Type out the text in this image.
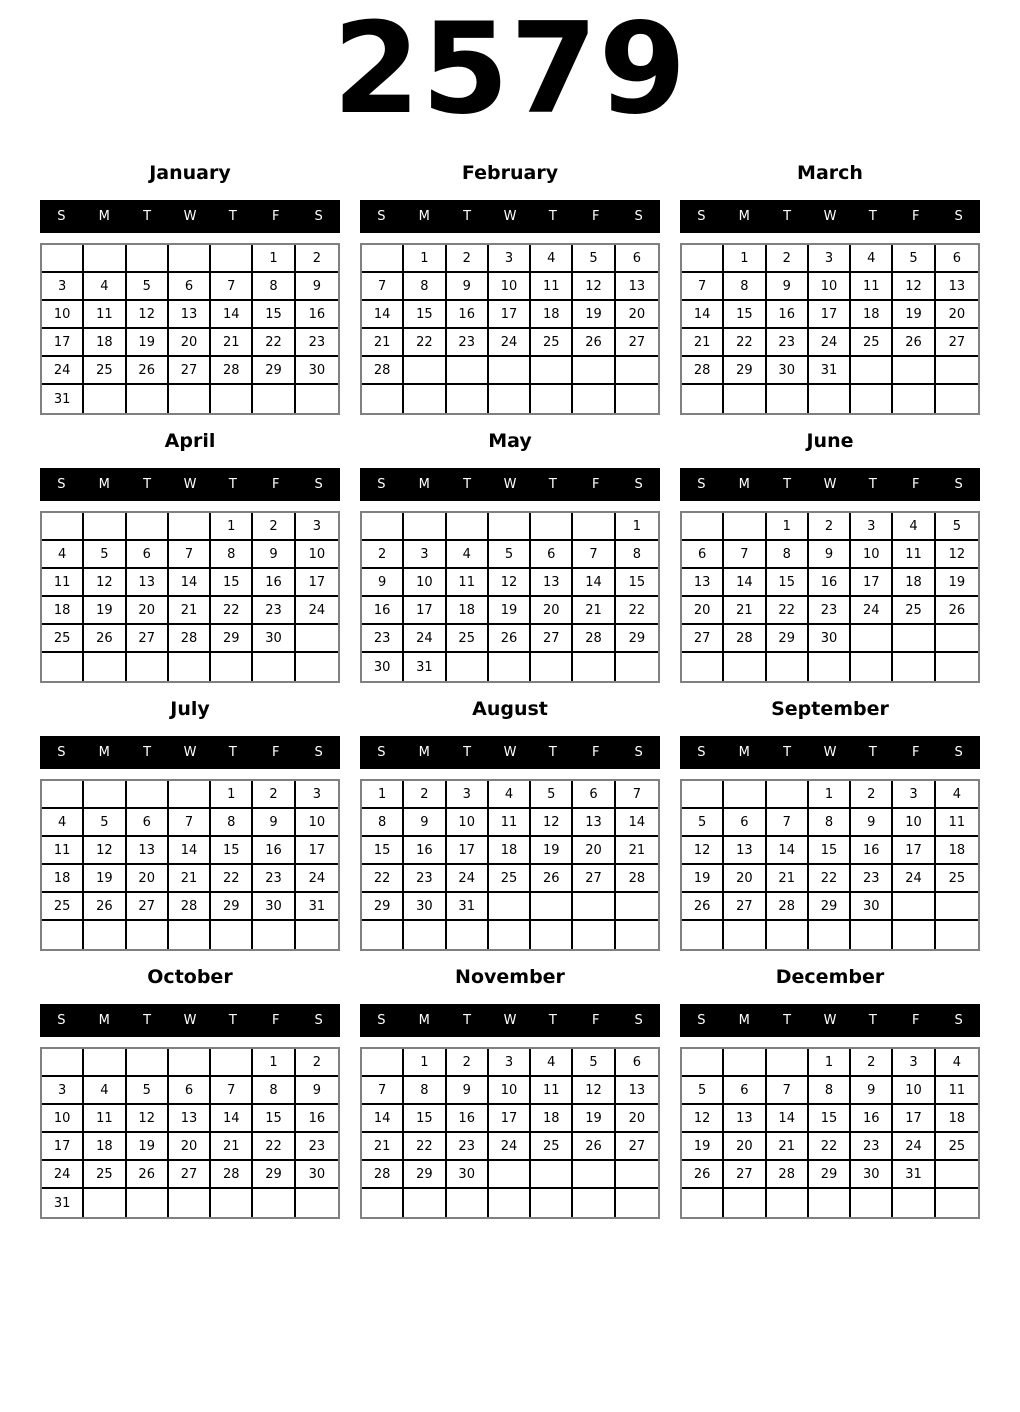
2579
January
S	M	T	W	T	F	S
					1	2
3	4	5	6	7	8	9
10	11	12	13	14	15	16
17	18	19	20	21	22	23
24	25	26	27	28	29	30
31						
February
S	M	T	W	T	F	S
	1	2	3	4	5	6
7	8	9	10	11	12	13
14	15	16	17	18	19	20
21	22	23	24	25	26	27
28						

March
S	M	T	W	T	F	S
	1	2	3	4	5	6
7	8	9	10	11	12	13
14	15	16	17	18	19	20
21	22	23	24	25	26	27
28	29	30	31			

April
S	M	T	W	T	F	S
				1	2	3
4	5	6	7	8	9	10
11	12	13	14	15	16	17
18	19	20	21	22	23	24
25	26	27	28	29	30	

May
S	M	T	W	T	F	S
						1
2	3	4	5	6	7	8
9	10	11	12	13	14	15
16	17	18	19	20	21	22
23	24	25	26	27	28	29
30	31					
June
S	M	T	W	T	F	S
		1	2	3	4	5
6	7	8	9	10	11	12
13	14	15	16	17	18	19
20	21	22	23	24	25	26
27	28	29	30			

July
S	M	T	W	T	F	S
				1	2	3
4	5	6	7	8	9	10
11	12	13	14	15	16	17
18	19	20	21	22	23	24
25	26	27	28	29	30	31

August
S	M	T	W	T	F	S
1	2	3	4	5	6	7
8	9	10	11	12	13	14
15	16	17	18	19	20	21
22	23	24	25	26	27	28
29	30	31				

September
S	M	T	W	T	F	S
			1	2	3	4
5	6	7	8	9	10	11
12	13	14	15	16	17	18
19	20	21	22	23	24	25
26	27	28	29	30		

October
S	M	T	W	T	F	S
					1	2
3	4	5	6	7	8	9
10	11	12	13	14	15	16
17	18	19	20	21	22	23
24	25	26	27	28	29	30
31						
November
S	M	T	W	T	F	S
	1	2	3	4	5	6
7	8	9	10	11	12	13
14	15	16	17	18	19	20
21	22	23	24	25	26	27
28	29	30				

December
S	M	T	W	T	F	S
			1	2	3	4
5	6	7	8	9	10	11
12	13	14	15	16	17	18
19	20	21	22	23	24	25
26	27	28	29	30	31	
